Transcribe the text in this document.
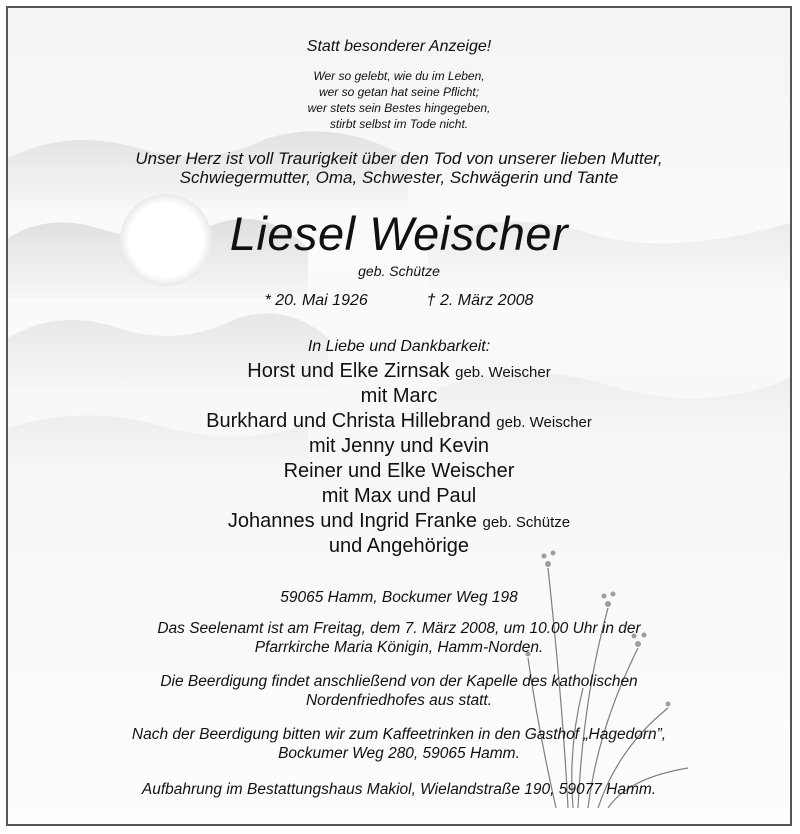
Statt besonderer Anzeige!
Wer so gelebt, wie du im Leben,
wer so getan hat seine Pflicht;
wer stets sein Bestes hingegeben,
stirbt selbst im Tode nicht.
Unser Herz ist voll Traurigkeit über den Tod von unserer lieben Mutter,
Schwiegermutter, Oma, Schwester, Schwägerin und Tante
Liesel Weischer
geb. Schütze
* 20. Mai 1926	† 2. März 2008
In Liebe und Dankbarkeit:
Horst und Elke Zirnsak geb. Weischer
mit Marc
Burkhard und Christa Hillebrand geb. Weischer
mit Jenny und Kevin
Reiner und Elke Weischer
mit Max und Paul
Johannes und Ingrid Franke geb. Schütze
und Angehörige
59065 Hamm, Bockumer Weg 198
Das Seelenamt ist am Freitag, dem 7. März 2008, um 10.00 Uhr in der
Pfarrkirche Maria Königin, Hamm-Norden.
Die Beerdigung findet anschließend von der Kapelle des katholischen
Nordenfriedhofes aus statt.
Nach der Beerdigung bitten wir zum Kaffeetrinken in den Gasthof „Hagedorn”,
Bockumer Weg 280, 59065 Hamm.
Aufbahrung im Bestattungshaus Makiol, Wielandstraße 190, 59077 Hamm.
